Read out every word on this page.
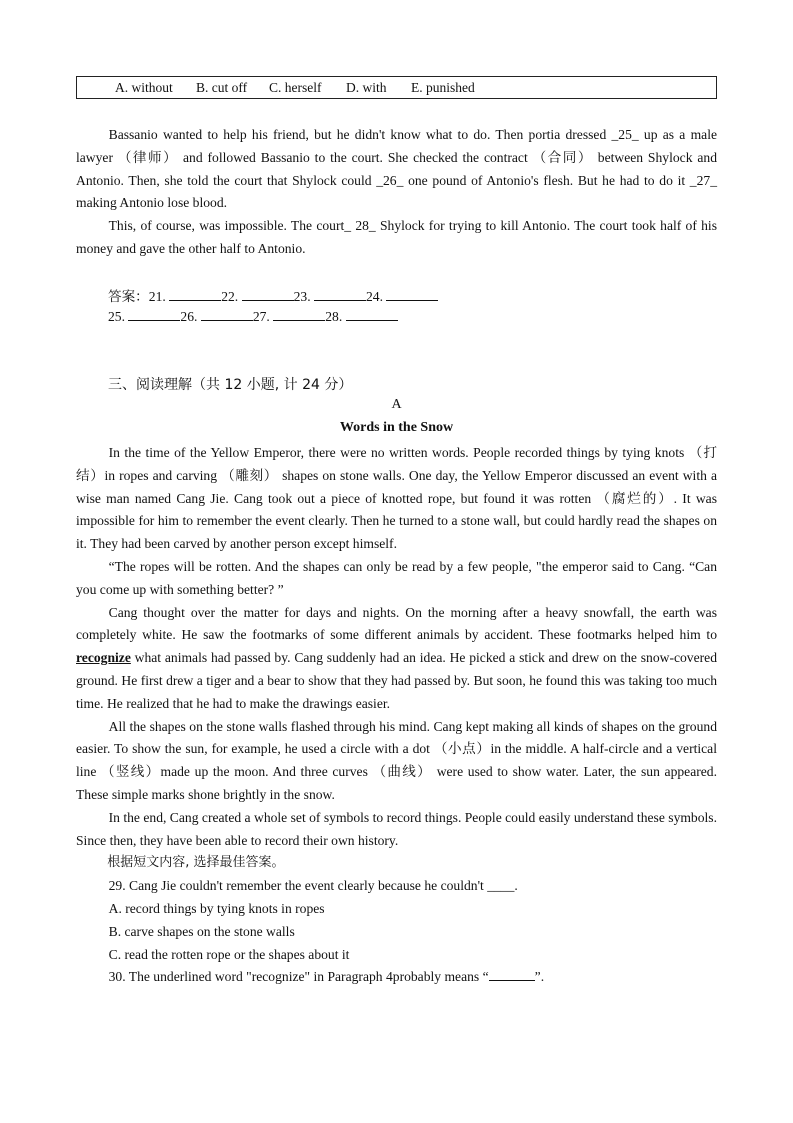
A. without B. cut off C. herself D. with E. punished

Bassanio wanted to help his friend, but he didn't know what to do. Then portia dressed _25_ up as a male lawyer （律师） and followed Bassanio to the court. She checked the contract （合同） between Shylock and Antonio. Then, she told the court that Shylock could _26_ one pound of Antonio's flesh. But he had to do it _27_ making Antonio lose blood.

This, of course, was impossible. The court_ 28_ Shylock for trying to kill Antonio. The court took half of his money and gave the other half to Antonio.

答案：21.	22.	23.	24.
25.	26.	27.	28.
三、阅读理解（共 12 小题, 计 24 分）
A
Words in the Snow

In the time of the Yellow Emperor, there were no written words. People recorded things by tying knots （打结）in ropes and carving （雕刻） shapes on stone walls. One day, the Yellow Emperor discussed an event with a wise man named Cang Jie. Cang took out a piece of knotted rope, but found it was rotten （腐烂的）. It was impossible for him to remember the event clearly. Then he turned to a stone wall, but could hardly read the shapes on it. They had been carved by another person except himself.

“The ropes will be rotten. And the shapes can only be read by a few people, "the emperor said to Cang. “Can you come up with something better? ”

Cang thought over the matter for days and nights. On the morning after a heavy snowfall, the earth was completely white. He saw the footmarks of some different animals by accident. These footmarks helped him to recognize what animals had passed by. Cang suddenly had an idea. He picked a stick and drew on the snow-covered ground. He first drew a tiger and a bear to show that they had passed by. But soon, he found this was taking too much time. He realized that he had to make the drawings easier.

All the shapes on the stone walls flashed through his mind. Cang kept making all kinds of shapes on the ground easier. To show the sun, for example, he used a circle with a dot （小点）in the middle. A half-circle and a vertical line （竖线）made up the moon. And three curves （曲线） were used to show water. Later, the sun appeared. These simple marks shone brightly in the snow.

In the end, Cang created a whole set of symbols to record things. People could easily understand these symbols. Since then, they have been able to record their own history.

根据短文内容, 选择最佳答案。

29. Cang Jie couldn't remember the event clearly because he couldn't ____.

A. record things by tying knots in ropes

B. carve shapes on the stone walls

C. read the rotten rope or the shapes about it

30. The underlined word "recognize" in Paragraph 4probably means “	”.
